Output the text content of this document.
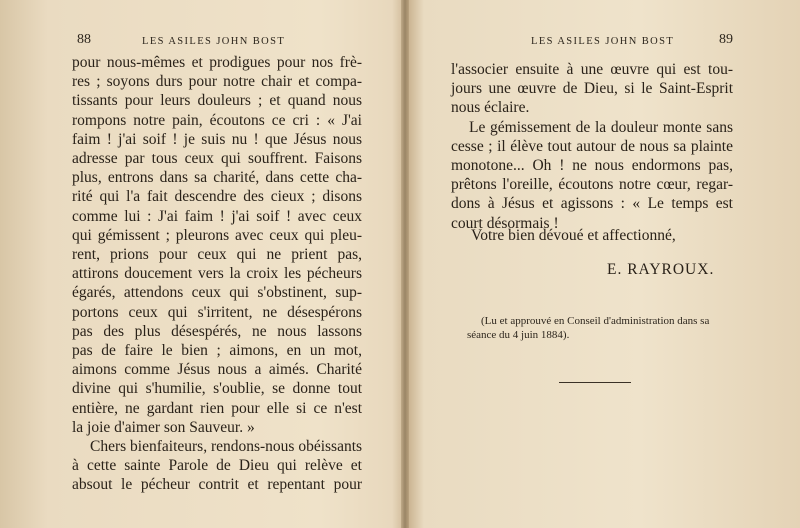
88	LES ASILES JOHN BOST
pour nous-mêmes et prodigues pour nos frè-
res ; soyons durs pour notre chair et compa-
tissants pour leurs douleurs ; et quand nous
rompons notre pain, écoutons ce cri : « J'ai
faim ! j'ai soif ! je suis nu ! que Jésus nous
adresse par tous ceux qui souffrent. Faisons
plus, entrons dans sa charité, dans cette cha-
rité qui l'a fait descendre des cieux ; disons
comme lui : J'ai faim ! j'ai soif ! avec ceux
qui gémissent ; pleurons avec ceux qui pleu-
rent, prions pour ceux qui ne prient pas,
attirons doucement vers la croix les pécheurs
égarés, attendons ceux qui s'obstinent, sup-
portons ceux qui s'irritent, ne désespérons
pas des plus désespérés, ne nous lassons
pas de faire le bien ; aimons, en un mot,
aimons comme Jésus nous a aimés. Charité
divine qui s'humilie, s'oublie, se donne tout
entière, ne gardant rien pour elle si ce n'est
la joie d'aimer son Sauveur. »
Chers bienfaiteurs, rendons-nous obéissants
à cette sainte Parole de Dieu qui relève et
absout le pécheur contrit et repentant pour
LES ASILES JOHN BOST	89
l'associer ensuite à une œuvre qui est tou-
jours une œuvre de Dieu, si le Saint-Esprit
nous éclaire.
Le gémissement de la douleur monte sans
cesse ; il élève tout autour de nous sa plainte
monotone... Oh ! ne nous endormons pas,
prêtons l'oreille, écoutons notre cœur, regar-
dons à Jésus et agissons : « Le temps est
court désormais !
Votre bien dévoué et affectionné,
E. RAYROUX.
(Lu et approuvé en Conseil d'administration dans sa
séance du 4 juin 1884).
